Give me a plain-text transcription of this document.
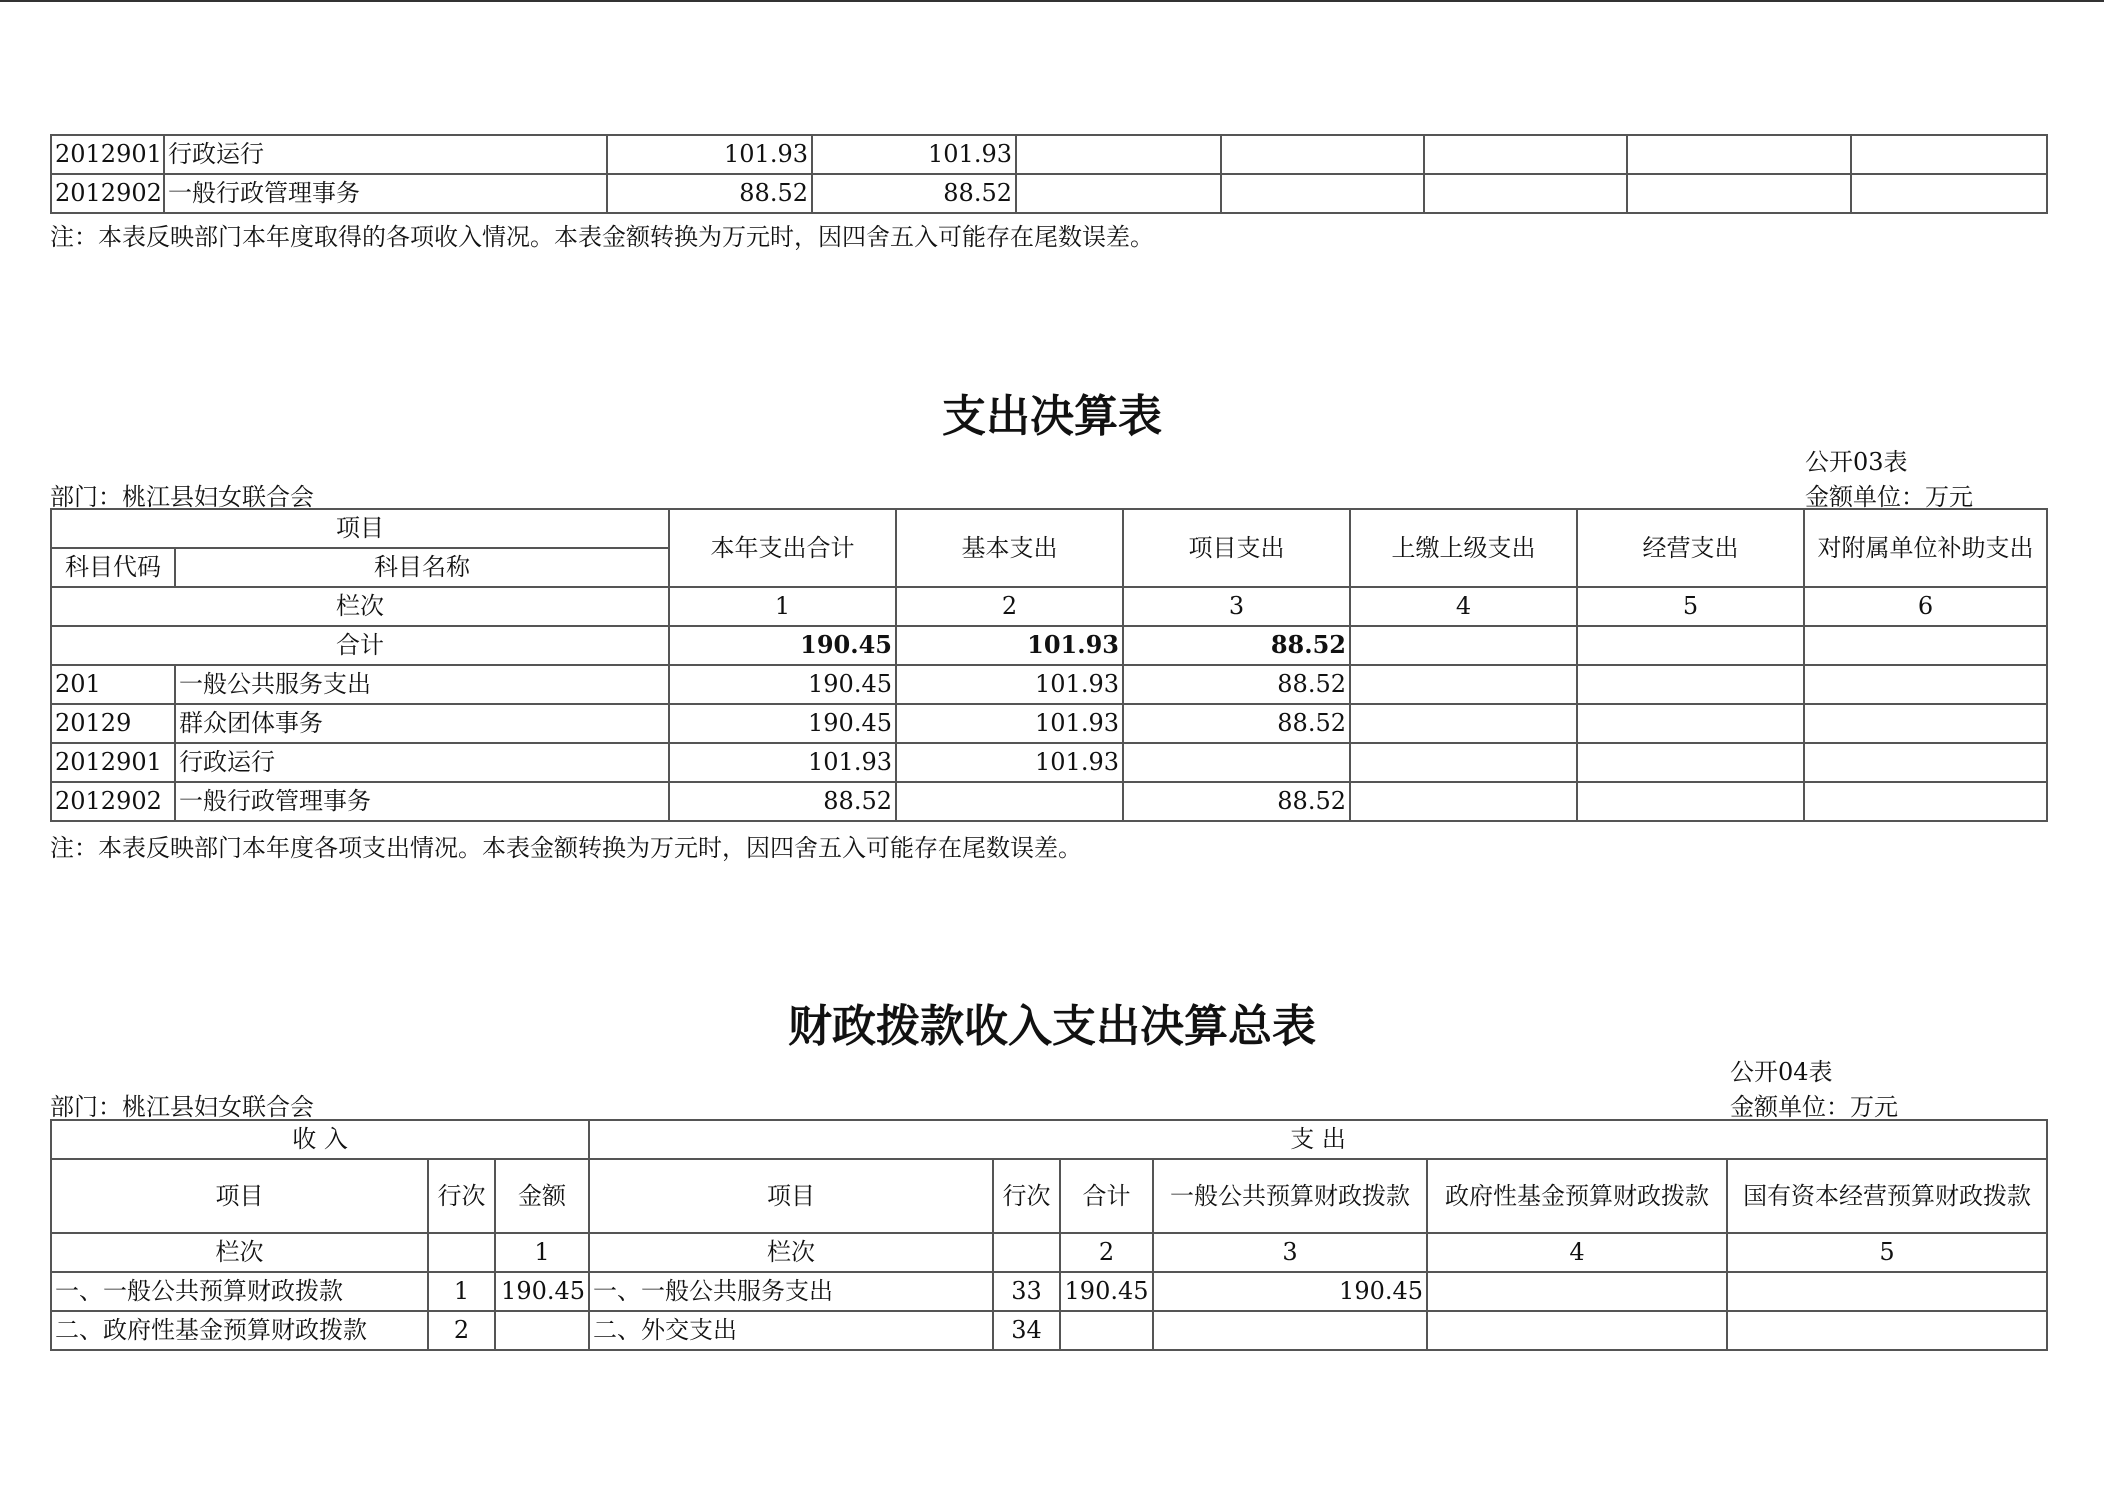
2012901	行政运行	101.93	101.93					
2012902	一般行政管理事务	88.52	88.52					
注：本表反映部门本年度取得的各项收入情况。本表金额转换为万元时，因四舍五入可能存在尾数误差。
支出决算表
公开03表
部门：桃江县妇女联合会	金额单位：万元
项目		本年支出合计	基本支出	项目支出	上缴上级支出	经营支出	对附属单位补助支出
科目代码	科目名称						
栏次		1	2	3	4	5	6
合计		190.45	101.93	88.52			
201	一般公共服务支出	190.45	101.93	88.52			
20129	群众团体事务	190.45	101.93	88.52			
2012901	行政运行	101.93	101.93				
2012902	一般行政管理事务	88.52		88.52			
注：本表反映部门本年度各项支出情况。本表金额转换为万元时，因四舍五入可能存在尾数误差。
财政拨款收入支出决算总表
公开04表
部门：桃江县妇女联合会	金额单位：万元
收 入			支 出					
项目	行次	金额	项目	行次	合计	一般公共预算财政拨款	政府性基金预算财政拨款	国有资本经营预算财政拨款
栏次		1	栏次		2	3	4	5
一、一般公共预算财政拨款	1	190.45	一、一般公共服务支出	33	190.45	190.45		
二、政府性基金预算财政拨款	2		二、外交支出	34				
